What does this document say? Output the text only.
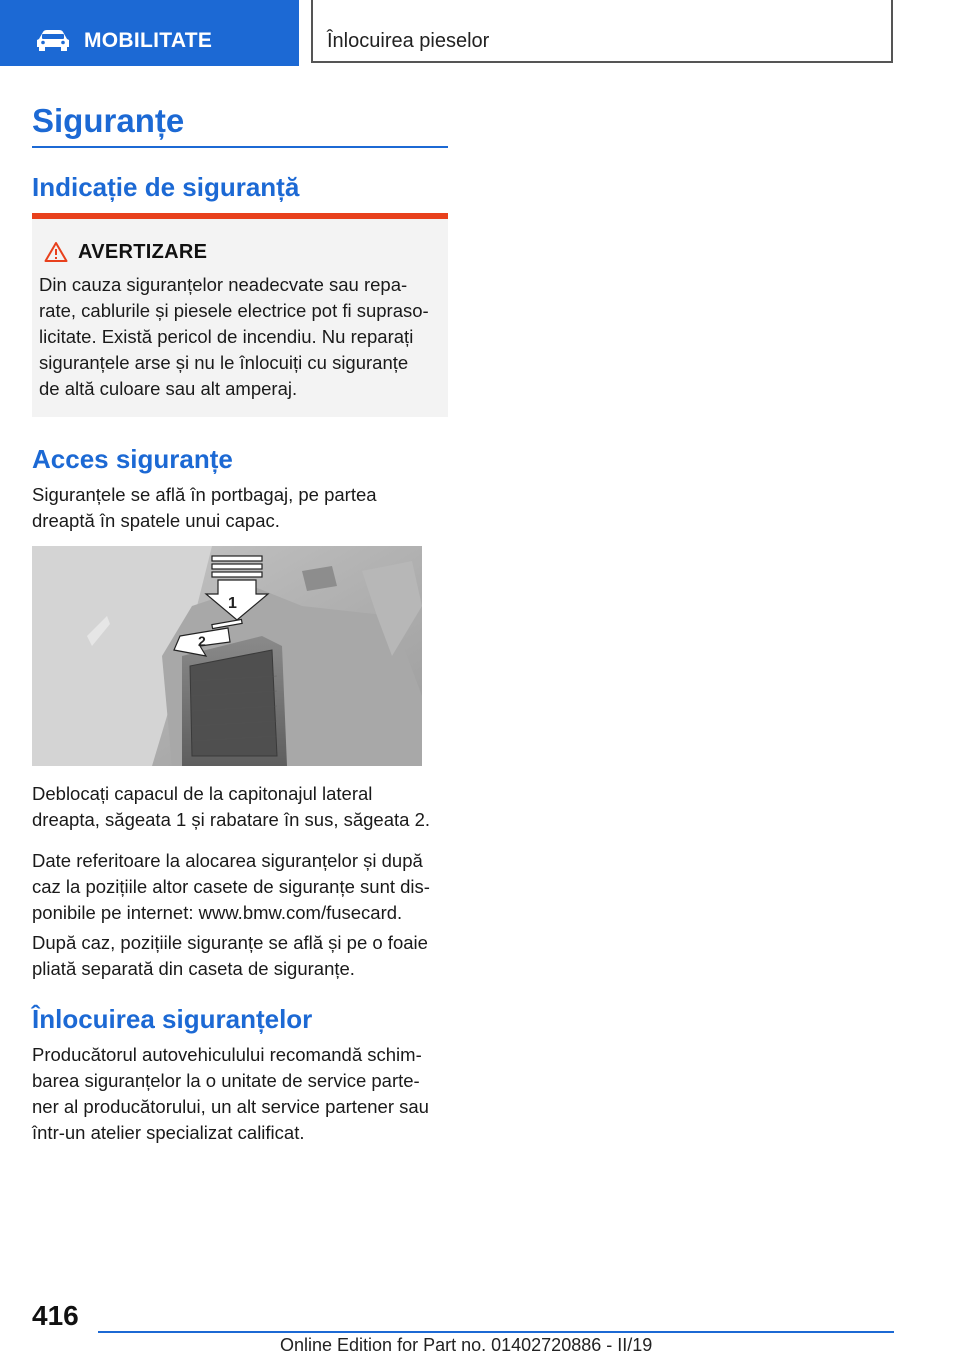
MOBILITATE	Înlocuirea pieselor
Siguranțe
Indicație de siguranță
AVERTIZARE
Din cauza siguranțelor neadecvate sau repa-
rate, cablurile și piesele electrice pot fi supraso-
licitate. Există pericol de incendiu. Nu reparați
siguranțele arse și nu le înlocuiți cu siguranțe
de altă culoare sau alt amperaj.
Acces siguranțe
Siguranțele se află în portbagaj, pe partea
dreaptă în spatele unui capac.
1
2
Deblocați capacul de la capitonajul lateral
dreapta, săgeata 1 și rabatare în sus, săgeata 2.
Date referitoare la alocarea siguranțelor și după
caz la pozițiile altor casete de siguranțe sunt dis-
ponibile pe internet: www.bmw.com/fusecard.
După caz, pozițiile siguranțe se află și pe o foaie
pliată separată din caseta de siguranțe.
Înlocuirea siguranțelor
Producătorul autovehiculului recomandă schim-
barea siguranțelor la o unitate de service parte-
ner al producătorului, un alt service partener sau
într-un atelier specializat calificat.
416
Online Edition for Part no. 01402720886 - II/19
